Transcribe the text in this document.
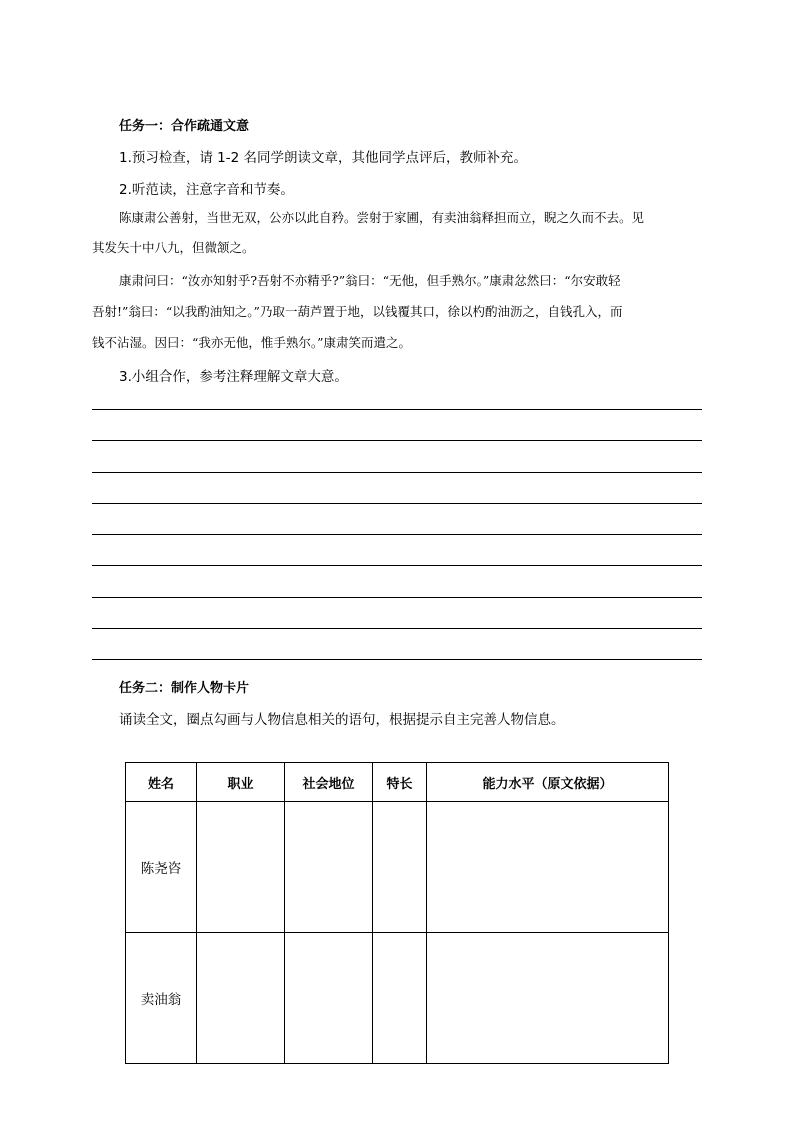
任务一：合作疏通文意
1.预习检查，请 1-2 名同学朗读文章，其他同学点评后，教师补充。
2.听范读，注意字音和节奏。
陈康肃公善射，当世无双，公亦以此自矜。尝射于家圃，有卖油翁释担而立，睨之久而不去。见
其发矢十中八九，但微颔之。
康肃问曰：“汝亦知射乎?吾射不亦精乎?”翁曰：“无他，但手熟尔。”康肃忿然曰：“尔安敢轻
吾射!”翁曰：“以我酌油知之。”乃取一葫芦置于地，以钱覆其口，徐以杓酌油沥之，自钱孔入，而
钱不沾湿。因曰：“我亦无他，惟手熟尔。”康肃笑而遣之。
3.小组合作，参考注释理解文章大意。
任务二：制作人物卡片
诵读全文，圈点勾画与人物信息相关的语句，根据提示自主完善人物信息。
姓名	职业	社会地位	特长	能力水平（原文依据）
陈尧咨				
卖油翁				
